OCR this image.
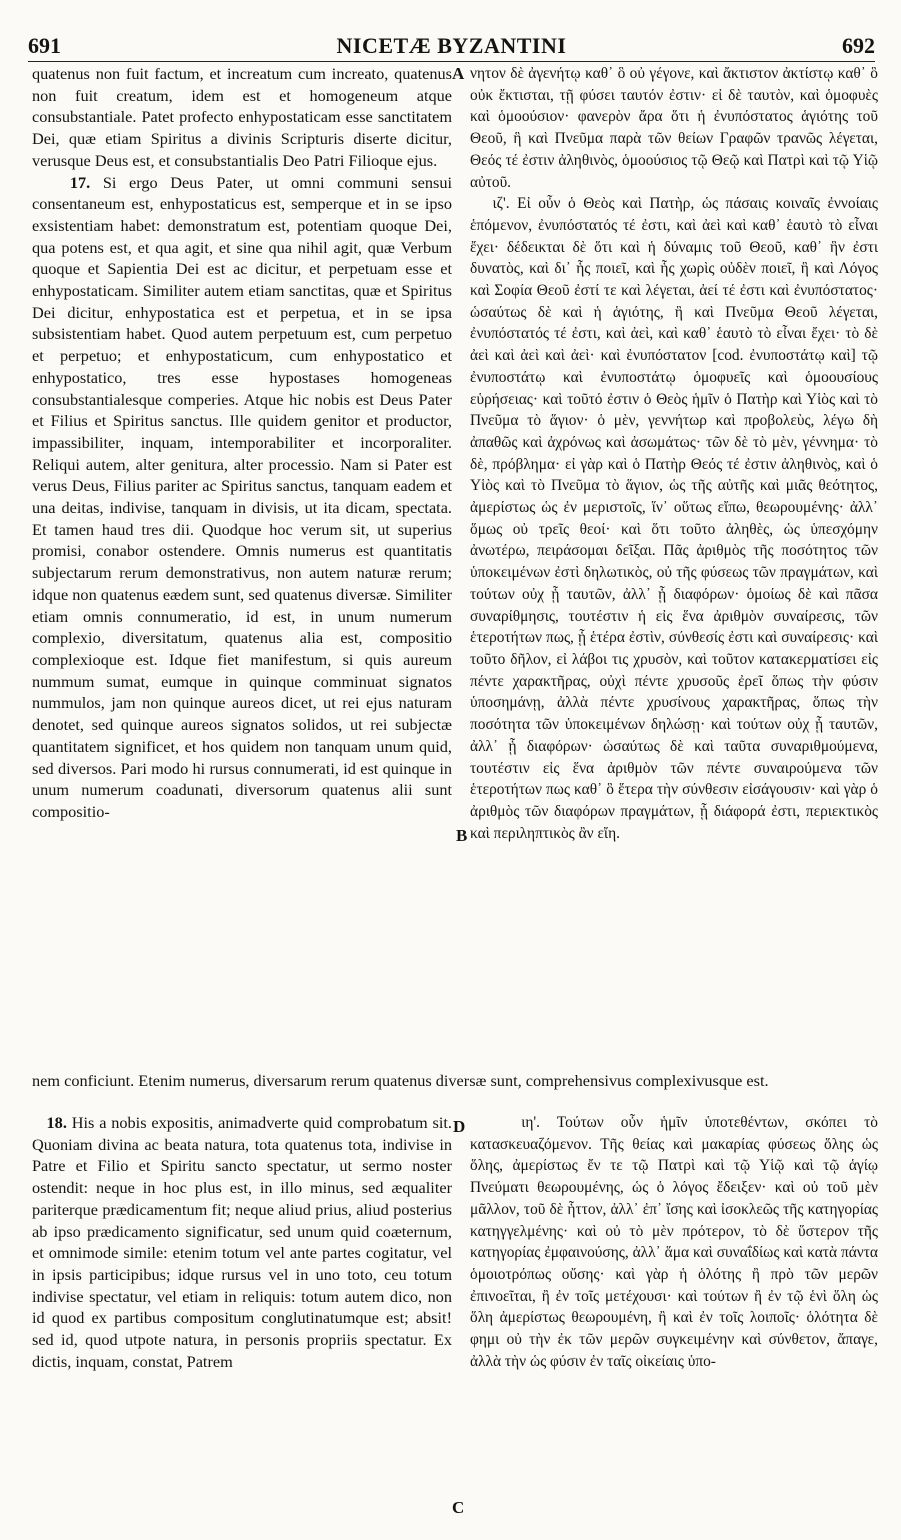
691	NICETÆ BYZANTINI	692
A
B
C
D

quatenus non fuit factum, et increatum cum increato, quatenus non fuit creatum, idem est et homogeneum atque consubstantiale. Patet profecto enhypostaticam esse sanctitatem Dei, quæ etiam Spiritus a divinis Scripturis diserte dicitur, verusque Deus est, et consubstantialis Deo Patri Filioque ejus.

17. Si ergo Deus Pater, ut omni communi sensui consentaneum est, enhypostaticus est, semperque et in se ipso exsistentiam habet: demonstratum est, potentiam quoque Dei, qua potens est, et qua agit, et sine qua nihil agit, quæ Verbum quoque et Sapientia Dei est ac dicitur, et perpetuam esse et enhypostaticam. Similiter autem etiam sanctitas, quæ et Spiritus Dei dicitur, enhypostatica est et perpetua, et in se ipsa subsistentiam habet. Quod autem perpetuum est, cum perpetuo et perpetuo; et enhypostaticum, cum enhypostatico et enhypostatico, tres esse hypostases homogeneas consubstantialesque comperies. Atque hic nobis est Deus Pater et Filius et Spiritus sanctus. Ille quidem genitor et productor, impassibiliter, inquam, intemporabiliter et incorporaliter. Reliqui autem, alter genitura, alter processio. Nam si Pater est verus Deus, Filius pariter ac Spiritus sanctus, tanquam eadem et una deitas, indivise, tanquam in divisis, ut ita dicam, spectata. Et tamen haud tres dii. Quodque hoc verum sit, ut superius promisi, conabor ostendere. Omnis numerus est quantitatis subjectarum rerum demonstrativus, non autem naturæ rerum; idque non quatenus eædem sunt, sed quatenus diversæ. Similiter etiam omnis connumeratio, id est, in unum numerum complexio, diversitatum, quatenus alia est, compositio complexioque est. Idque fiet manifestum, si quis aureum nummum sumat, eumque in quinque comminuat signatos nummulos, jam non quinque aureos dicet, ut rei ejus naturam denotet, sed quinque aureos signatos solidos, ut rei subjectæ quantitatem significet, et hos quidem non tanquam unum quid, sed diversos. Pari modo hi rursus connumerati, id est quinque in unum numerum coadunati, diversorum quatenus alii sunt compositio-

νητον δὲ ἀγενήτῳ καθ᾽ ὃ οὐ γέγονε, καὶ ἄκτιστον ἀκτίστῳ καθ᾽ ὃ οὐκ ἔκτισται, τῇ φύσει ταυτόν ἐστιν· εἰ δὲ ταυτὸν, καὶ ὁμοφυὲς καὶ ὁμοούσιον· φανερὸν ἄρα ὅτι ἡ ἐνυπόστατος ἁγιότης τοῦ Θεοῦ, ἣ καὶ Πνεῦμα παρὰ τῶν θείων Γραφῶν τρανῶς λέγεται, Θεός τέ ἐστιν ἀληθινὸς, ὁμοούσιος τῷ Θεῷ καὶ Πατρὶ καὶ τῷ Υἱῷ αὐτοῦ.

ιζ'. Εἰ οὖν ὁ Θεὸς καὶ Πατὴρ, ὡς πάσαις κοιναῖς ἐννοίαις ἑπόμενον, ἐνυπόστατός τέ ἐστι, καὶ ἀεὶ καὶ καθ᾽ ἑαυτὸ τὸ εἶναι ἔχει· δέδεικται δὲ ὅτι καὶ ἡ δύναμις τοῦ Θεοῦ, καθ᾽ ἣν ἐστι δυνατὸς, καὶ δι᾽ ἧς ποιεῖ, καὶ ἧς χωρὶς οὐδὲν ποιεῖ, ἣ καὶ Λόγος καὶ Σοφία Θεοῦ ἐστί τε καὶ λέγεται, ἀεί τέ ἐστι καὶ ἐνυπόστατος· ὡσαύτως δὲ καὶ ἡ ἁγιότης, ἣ καὶ Πνεῦμα Θεοῦ λέγεται, ἐνυπόστατός τέ ἐστι, καὶ ἀεὶ, καὶ καθ᾽ ἑαυτὸ τὸ εἶναι ἔχει· τὸ δὲ ἀεὶ καὶ ἀεὶ καὶ ἀεὶ· καὶ ἐνυπόστατον [cod. ἐνυποστάτῳ καὶ] τῷ ἐνυποστάτῳ καὶ ἐνυποστάτῳ ὁμοφυεῖς καὶ ὁμοουσίους εὑρήσειας· καὶ τοῦτό ἐστιν ὁ Θεὸς ἡμῖν ὁ Πατὴρ καὶ Υἱὸς καὶ τὸ Πνεῦμα τὸ ἅγιον· ὁ μὲν, γεννήτωρ καὶ προβολεὺς, λέγω δὴ ἀπαθῶς καὶ ἀχρόνως καὶ ἀσωμάτως· τῶν δὲ τὸ μὲν, γέννημα· τὸ δὲ, πρόβλημα· εἰ γὰρ καὶ ὁ Πατὴρ Θεός τέ ἐστιν ἀληθινὸς, καὶ ὁ Υἱὸς καὶ τὸ Πνεῦμα τὸ ἅγιον, ὡς τῆς αὐτῆς καὶ μιᾶς θεότητος, ἀμερίστως ὡς ἐν μεριστοῖς, ἵν᾽ οὕτως εἴπω, θεωρουμένης· ἀλλ᾽ ὅμως οὐ τρεῖς θεοί· καὶ ὅτι τοῦτο ἀληθὲς, ὡς ὑπεσχόμην ἀνωτέρω, πειράσομαι δεῖξαι. Πᾶς ἀριθμὸς τῆς ποσότητος τῶν ὑποκειμένων ἐστὶ δηλωτικὸς, οὐ τῆς φύσεως τῶν πραγμάτων, καὶ τούτων οὐχ ᾗ ταυτῶν, ἀλλ᾽ ᾗ διαφόρων· ὁμοίως δὲ καὶ πᾶσα συναρίθμησις, τουτέστιν ἡ εἰς ἕνα ἀριθμὸν συναίρεσις, τῶν ἑτεροτήτων πως, ᾗ ἑτέρα ἐστὶν, σύνθεσίς ἐστι καὶ συναίρεσις· καὶ τοῦτο δῆλον, εἰ λάβοι τις χρυσὸν, καὶ τοῦτον κατακερματίσει εἰς πέντε χαρακτῆρας, οὐχὶ πέντε χρυσοῦς ἐρεῖ ὅπως τὴν φύσιν ὑποσημάνῃ, ἀλλὰ πέντε χρυσίνους χαρακτῆρας, ὅπως τὴν ποσότητα τῶν ὑποκειμένων δηλώσῃ· καὶ τούτων οὐχ ᾗ ταυτῶν, ἀλλ᾽ ᾗ διαφόρων· ὡσαύτως δὲ καὶ ταῦτα συναριθμούμενα, τουτέστιν εἰς ἕνα ἀριθμὸν τῶν πέντε συναιρούμενα τῶν ἑτεροτήτων πως καθ᾽ ὃ ἕτερα τὴν σύνθεσιν εἰσάγουσιν· καὶ γὰρ ὁ ἀριθμὸς τῶν διαφόρων πραγμάτων, ᾗ διάφορά ἐστι, περιεκτικὸς καὶ περιληπτικὸς ἂν εἴη.

nem conficiunt. Etenim numerus, diversarum rerum quatenus diversæ sunt, comprehensivus complexivusque est.

18. His a nobis expositis, animadverte quid comprobatum sit. Quoniam divina ac beata natura, tota quatenus tota, indivise in Patre et Filio et Spiritu sancto spectatur, ut sermo noster ostendit: neque in hoc plus est, in illo minus, sed æqualiter pariterque prædicamentum fit; neque aliud prius, aliud posterius ab ipso prædicamento significatur, sed unum quid coæternum, et omnimode simile: etenim totum vel ante partes cogitatur, vel in ipsis participibus; idque rursus vel in uno toto, ceu totum indivise spectatur, vel etiam in reliquis: totum autem dico, non id quod ex partibus compositum conglutinatumque est; absit! sed id, quod utpote natura, in personis propriis spectatur. Ex dictis, inquam, constat, Patrem

ιη'. Τούτων οὖν ἡμῖν ὑποτεθέντων, σκόπει τὸ κατασκευαζόμενον. Τῆς θείας καὶ μακαρίας φύσεως ὅλης ὡς ὅλης, ἀμερίστως ἔν τε τῷ Πατρὶ καὶ τῷ Υἱῷ καὶ τῷ ἁγίῳ Πνεύματι θεωρουμένης, ὡς ὁ λόγος ἔδειξεν· καὶ οὐ τοῦ μὲν μᾶλλον, τοῦ δὲ ἧττον, ἀλλ᾽ ἐπ᾽ ἴσης καὶ ἰσοκλεῶς τῆς κατηγορίας κατηγγελμένης· καὶ οὐ τὸ μὲν πρότερον, τὸ δὲ ὕστερον τῆς κατηγορίας ἐμφαινούσης, ἀλλ᾽ ἅμα καὶ συναΐδίως καὶ κατὰ πάντα ὁμοιοτρόπως οὔσης· καὶ γὰρ ἡ ὁλότης ἢ πρὸ τῶν μερῶν ἐπινοεῖται, ἢ ἐν τοῖς μετέχουσι· καὶ τούτων ἢ ἐν τῷ ἑνὶ ὅλη ὡς ὅλη ἀμερίστως θεωρουμένη, ἢ καὶ ἐν τοῖς λοιποῖς· ὁλότητα δὲ φημι οὐ τὴν ἐκ τῶν μερῶν συγκειμένην καὶ σύνθετον, ἄπαγε, ἀλλὰ τὴν ὡς φύσιν ἐν ταῖς οἰκείαις ὑπο-
